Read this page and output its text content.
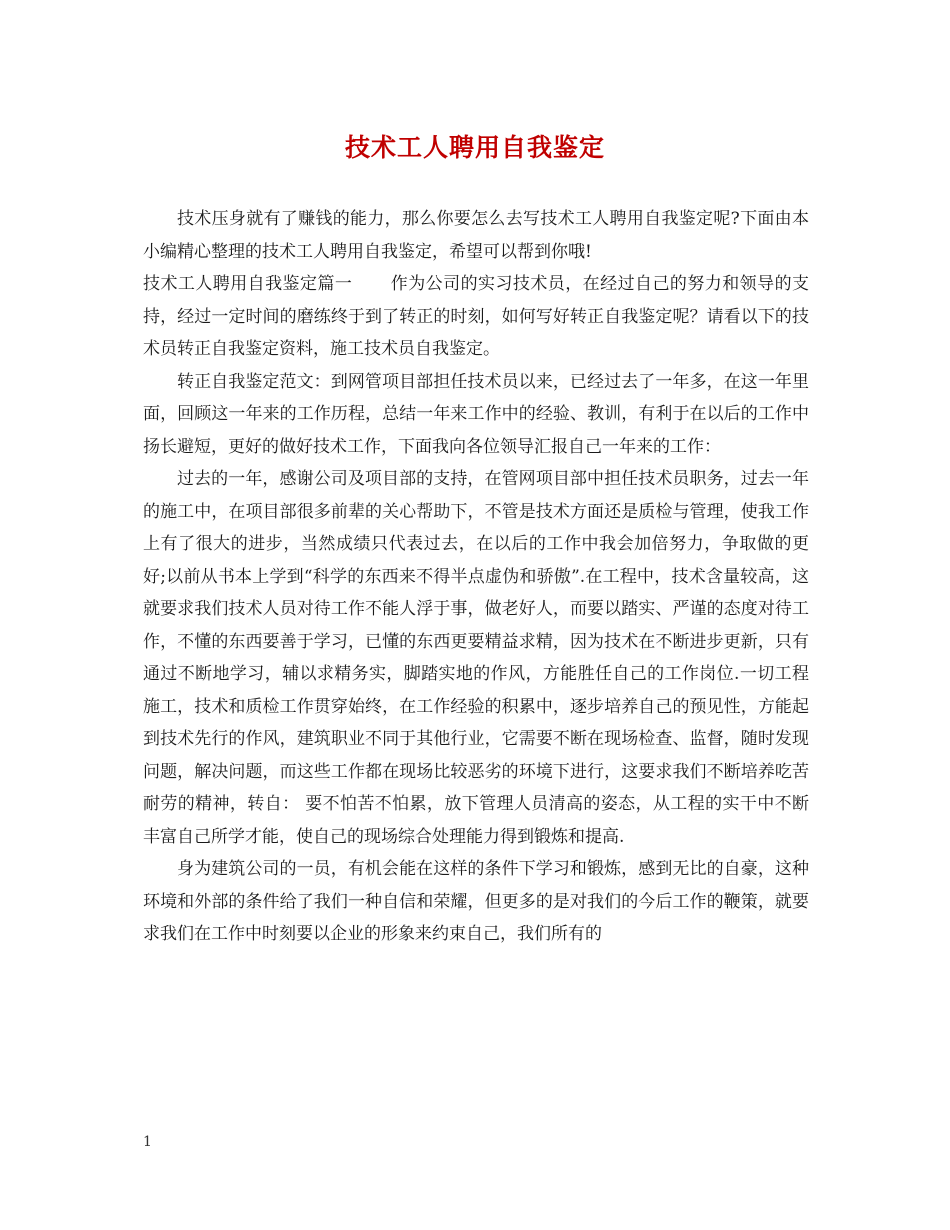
技术工人聘用自我鉴定

技术压身就有了赚钱的能力，那么你要怎么去写技术工人聘用自我鉴定呢?下面由本小编精心整理的技术工人聘用自我鉴定，希望可以帮到你哦!

技术工人聘用自我鉴定篇一 作为公司的实习技术员，在经过自己的努力和领导的支持，经过一定时间的磨练终于到了转正的时刻，如何写好转正自我鉴定呢？请看以下的技术员转正自我鉴定资料，施工技术员自我鉴定。

转正自我鉴定范文：到网管项目部担任技术员以来，已经过去了一年多，在这一年里面，回顾这一年来的工作历程，总结一年来工作中的经验、教训，有利于在以后的工作中扬长避短，更好的做好技术工作，下面我向各位领导汇报自己一年来的工作：

过去的一年，感谢公司及项目部的支持，在管网项目部中担任技术员职务，过去一年的施工中，在项目部很多前辈的关心帮助下，不管是技术方面还是质检与管理，使我工作上有了很大的进步，当然成绩只代表过去，在以后的工作中我会加倍努力，争取做的更好;以前从书本上学到“科学的东西来不得半点虚伪和骄傲”.在工程中，技术含量较高，这就要求我们技术人员对待工作不能人浮于事，做老好人，而要以踏实、严谨的态度对待工作，不懂的东西要善于学习，已懂的东西更要精益求精，因为技术在不断进步更新，只有通过不断地学习，辅以求精务实，脚踏实地的作风，方能胜任自己的工作岗位.一切工程施工，技术和质检工作贯穿始终，在工作经验的积累中，逐步培养自己的预见性，方能起到技术先行的作风，建筑职业不同于其他行业，它需要不断在现场检查、监督，随时发现问题，解决问题，而这些工作都在现场比较恶劣的环境下进行，这要求我们不断培养吃苦耐劳的精神，转自： 要不怕苦不怕累，放下管理人员清高的姿态，从工程的实干中不断丰富自己所学才能，使自己的现场综合处理能力得到锻炼和提高.

身为建筑公司的一员，有机会能在这样的条件下学习和锻炼，感到无比的自豪，这种环境和外部的条件给了我们一种自信和荣耀，但更多的是对我们的今后工作的鞭策，就要求我们在工作中时刻要以企业的形象来约束自己，我们所有的

1
